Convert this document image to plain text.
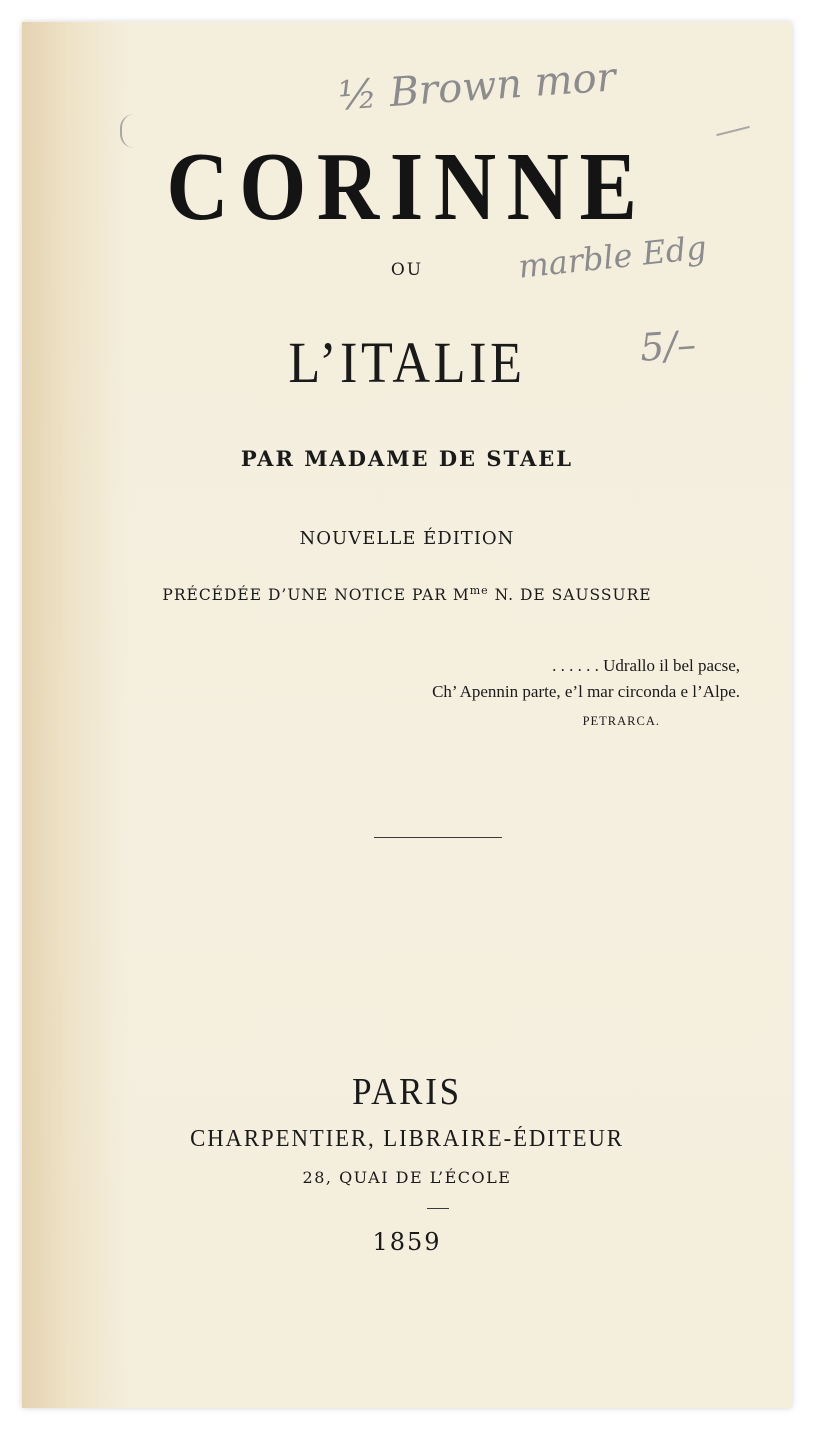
½ Brown mor
marble Edg
5/–
CORINNE
OU
L’ITALIE
PAR MADAME DE STAEL
NOUVELLE ÉDITION
PRÉCÉDÉE D’UNE NOTICE PAR $M^{me}$ N. DE SAUSSURE
. . . . . . Udrallo il bel pacse,
Ch’ Apennin parte, e’l mar circonda e l’Alpe.
PETRARCA.
PARIS
CHARPENTIER, LIBRAIRE-ÉDITEUR
28, QUAI DE L’ÉCOLE
1859
